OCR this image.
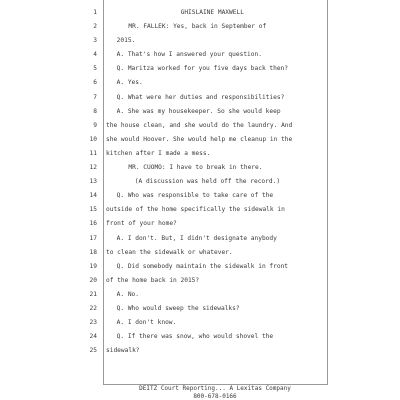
1	GHISLAINE MAXWELL
2	MR. FALLEK: Yes, back in September of
3	2015.
4	A. That's how I answered your question.
5	Q. Maritza worked for you five days back then?
6	A. Yes.
7	Q. What were her duties and responsibilities?
8	A. She was my housekeeper. So she would keep
9 the house clean, and she would do the laundry. And
10 she would Hoover. She would help me cleanup in the
11 kitchen after I made a mess.
12	MR. CUOMO: I have to break in there.
13	(A discussion was held off the record.)
14	Q. Who was responsible to take care of the
15 outside of the home specifically the sidewalk in
16 front of your home?
17	A. I don't. But, I didn't designate anybody
18 to clean the sidewalk or whatever.
19	Q. Did somebody maintain the sidewalk in front
20 of the home back in 2015?
21	A. No.
22	Q. Who would sweep the sidewalks?
23	A. I don't know.
24	Q. If there was snow, who would shovel the
25 sidewalk?
DEITZ Court Reporting... A Lexitas Company
800-678-0166
